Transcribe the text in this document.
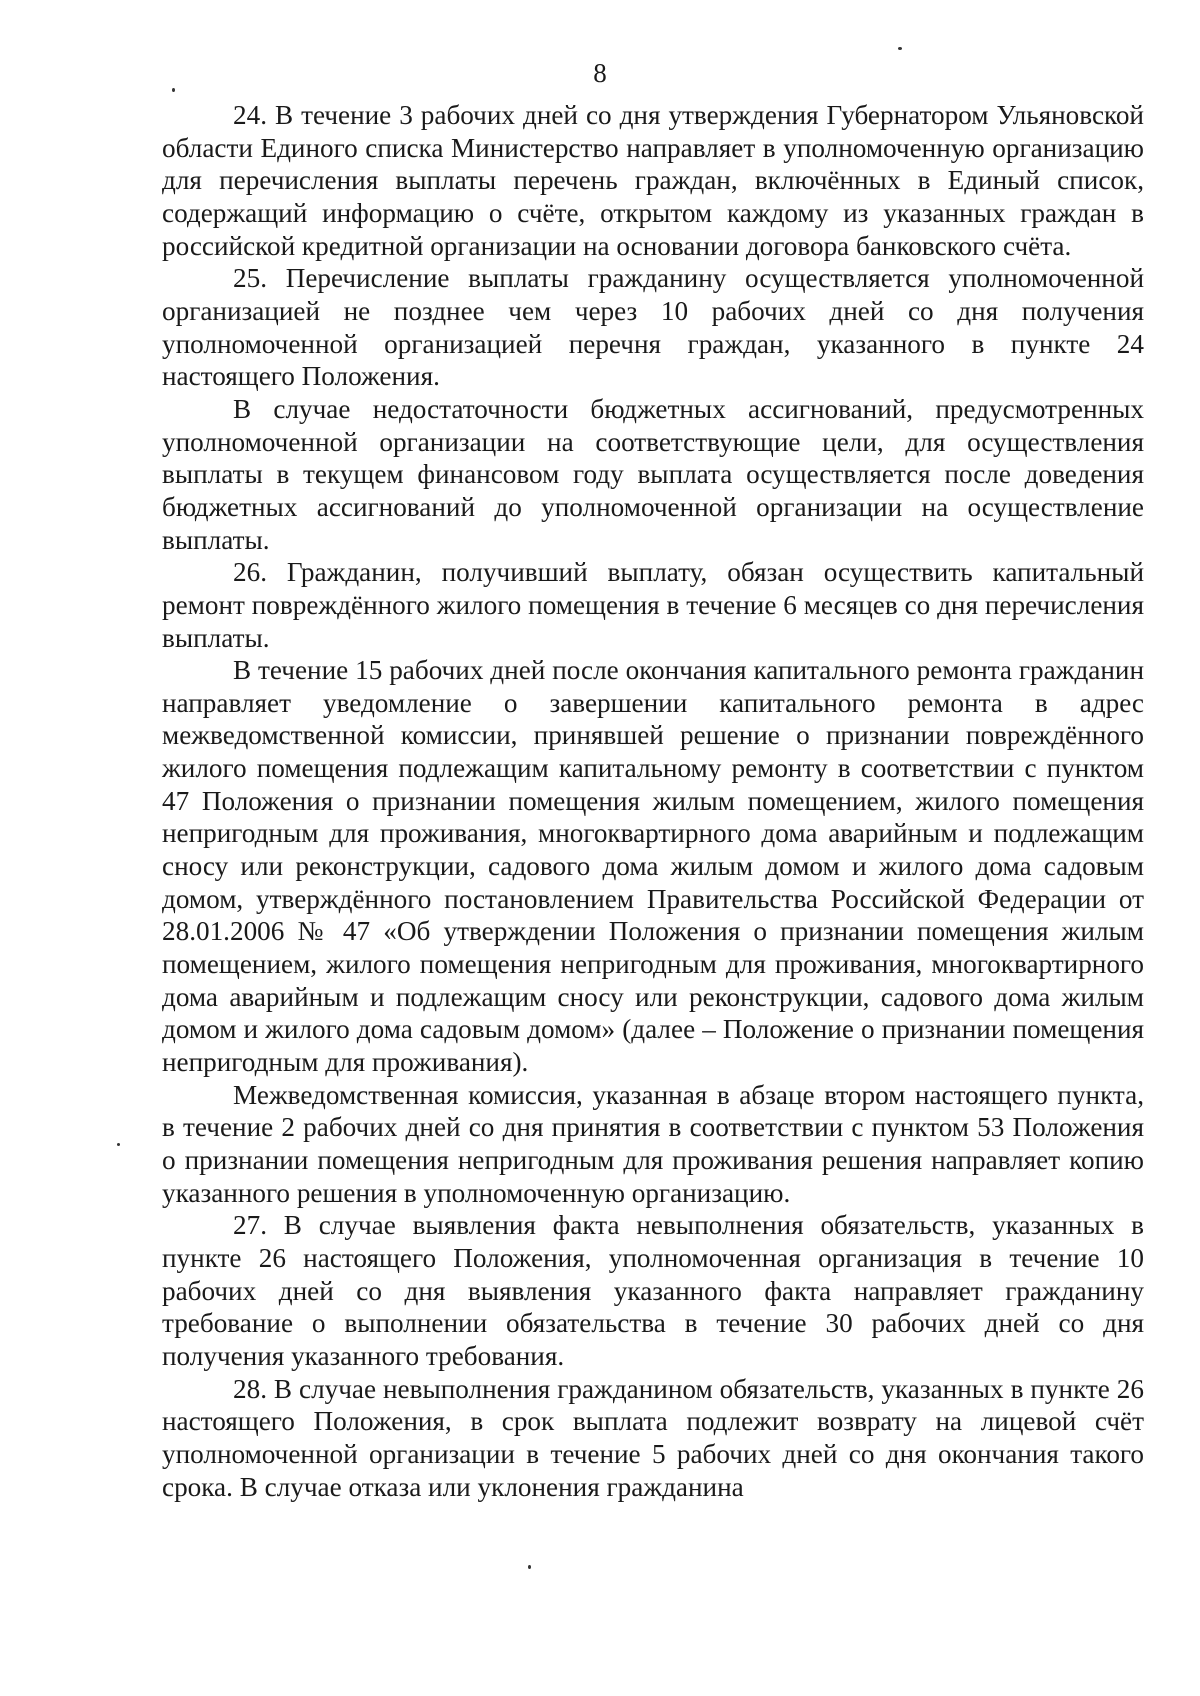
8

24. В течение 3 рабочих дней со дня утверждения Губернатором Ульяновской области Единого списка Министерство направляет в уполномоченную организацию для перечисления выплаты перечень граждан, включённых в Единый список, содержащий информацию о счёте, открытом каждому из указанных граждан в российской кредитной организации на основании договора банковского счёта.

25. Перечисление выплаты гражданину осуществляется уполномоченной организацией не позднее чем через 10 рабочих дней со дня получения уполномоченной организацией перечня граждан, указанного в пункте 24 настоящего Положения.

В случае недостаточности бюджетных ассигнований, предусмотренных уполномоченной организации на соответствующие цели, для осуществления выплаты в текущем финансовом году выплата осуществляется после доведения бюджетных ассигнований до уполномоченной организации на осуществление выплаты.

26. Гражданин, получивший выплату, обязан осуществить капитальный ремонт повреждённого жилого помещения в течение 6 месяцев со дня перечисления выплаты.

В течение 15 рабочих дней после окончания капитального ремонта гражданин направляет уведомление о завершении капитального ремонта в адрес межведомственной комиссии, принявшей решение о признании повреждённого жилого помещения подлежащим капитальному ремонту в соответствии с пунктом 47 Положения о признании помещения жилым помещением, жилого помещения непригодным для проживания, многоквартирного дома аварийным и подлежащим сносу или реконструкции, садового дома жилым домом и жилого дома садовым домом, утверждённого постановлением Правительства Российской Федерации от 28.01.2006 № 47 «Об утверждении Положения о признании помещения жилым помещением, жилого помещения непригодным для проживания, многоквартирного дома аварийным и подлежащим сносу или реконструкции, садового дома жилым домом и жилого дома садовым домом» (далее – Положение о признании помещения непригодным для проживания).

Межведомственная комиссия, указанная в абзаце втором настоящего пункта, в течение 2 рабочих дней со дня принятия в соответствии с пунктом 53 Положения о признании помещения непригодным для проживания решения направляет копию указанного решения в уполномоченную организацию.

27. В случае выявления факта невыполнения обязательств, указанных в пункте 26 настоящего Положения, уполномоченная организация в течение 10 рабочих дней со дня выявления указанного факта направляет гражданину требование о выполнении обязательства в течение 30 рабочих дней со дня получения указанного требования.

28. В случае невыполнения гражданином обязательств, указанных в пункте 26 настоящего Положения, в срок выплата подлежит возврату на лицевой счёт уполномоченной организации в течение 5 рабочих дней со дня окончания такого срока. В случае отказа или уклонения гражданина
